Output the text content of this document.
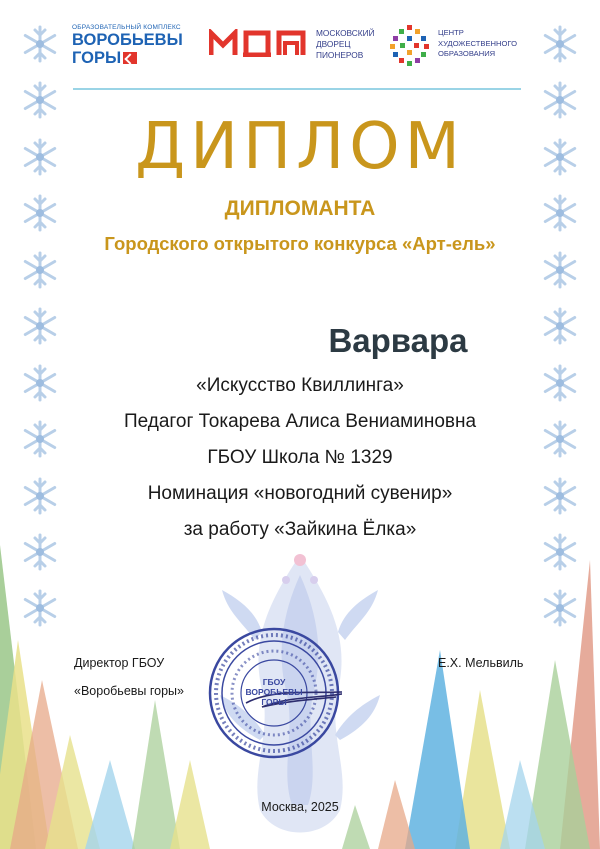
ОБРАЗОВАТЕЛЬНЫЙ КОМПЛЕКС
ВОРОБЬЕВЫ
ГОРЫ
МОСКОВСКИЙ
ДВОРЕЦ
ПИОНЕРОВ
ЦЕНТР
ХУДОЖЕСТВЕННОГО
ОБРАЗОВАНИЯ
ДИПЛОМ
ДИПЛОМАНТА
Городского открытого конкурса «Арт-ель»
Варвара
«Искусство Квиллинга»
Педагог Токарева Алиса Вениаминовна
ГБОУ Школа № 1329
Номинация «новогодний сувенир»
за работу «Зайкина Ёлка»
ГБОУ
ВОРОБЬЕВЫ
ГОРЫ
Директор ГБОУ
«Воробьевы горы»
Е.Х. Мельвиль
Москва, 2025
